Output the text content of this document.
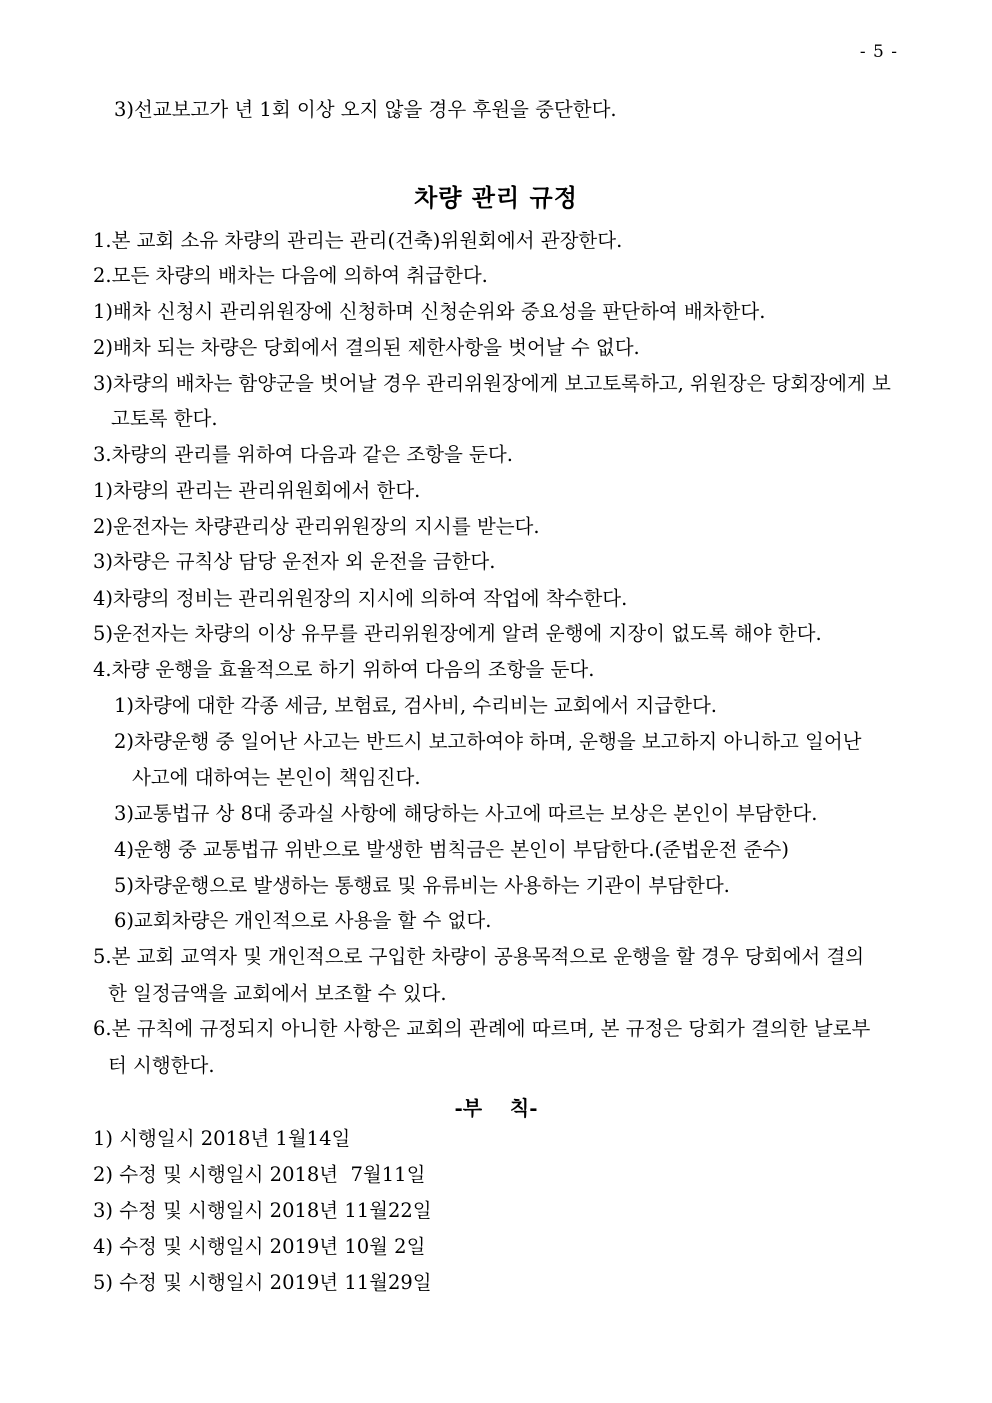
- 5 -
3)선교보고가 년 1회 이상 오지 않을 경우 후원을 중단한다.
차량 관리 규정
1.본 교회 소유 차량의 관리는 관리(건축)위원회에서 관장한다.
2.모든 차량의 배차는 다음에 의하여 취급한다.
1)배차 신청시 관리위원장에 신청하며 신청순위와 중요성을 판단하여 배차한다.
2)배차 되는 차량은 당회에서 결의된 제한사항을 벗어날 수 없다.
3)차량의 배차는 함양군을 벗어날 경우 관리위원장에게 보고토록하고, 위원장은 당회장에게 보
고토록 한다.
3.차량의 관리를 위하여 다음과 같은 조항을 둔다.
1)차량의 관리는 관리위원회에서 한다.
2)운전자는 차량관리상 관리위원장의 지시를 받는다.
3)차량은 규칙상 담당 운전자 외 운전을 금한다.
4)차량의 정비는 관리위원장의 지시에 의하여 작업에 착수한다.
5)운전자는 차량의 이상 유무를 관리위원장에게 알려 운행에 지장이 없도록 해야 한다.
4.차량 운행을 효율적으로 하기 위하여 다음의 조항을 둔다.
1)차량에 대한 각종 세금, 보험료, 검사비, 수리비는 교회에서 지급한다.
2)차량운행 중 일어난 사고는 반드시 보고하여야 하며, 운행을 보고하지 아니하고 일어난
사고에 대하여는 본인이 책임진다.
3)교통법규 상 8대 중과실 사항에 해당하는 사고에 따르는 보상은 본인이 부담한다.
4)운행 중 교통법규 위반으로 발생한 범칙금은 본인이 부담한다.(준법운전 준수)
5)차량운행으로 발생하는 통행료 및 유류비는 사용하는 기관이 부담한다.
6)교회차량은 개인적으로 사용을 할 수 없다.
5.본 교회 교역자 및 개인적으로 구입한 차량이 공용목적으로 운행을 할 경우 당회에서 결의
한 일정금액을 교회에서 보조할 수 있다.
6.본 규칙에 규정되지 아니한 사항은 교회의 관례에 따르며, 본 규정은 당회가 결의한 날로부
터 시행한다.
-부    칙-
1) 시행일시 2018년 1월14일
2) 수정 및 시행일시 2018년  7월11일
3) 수정 및 시행일시 2018년 11월22일
4) 수정 및 시행일시 2019년 10월 2일
5) 수정 및 시행일시 2019년 11월29일
